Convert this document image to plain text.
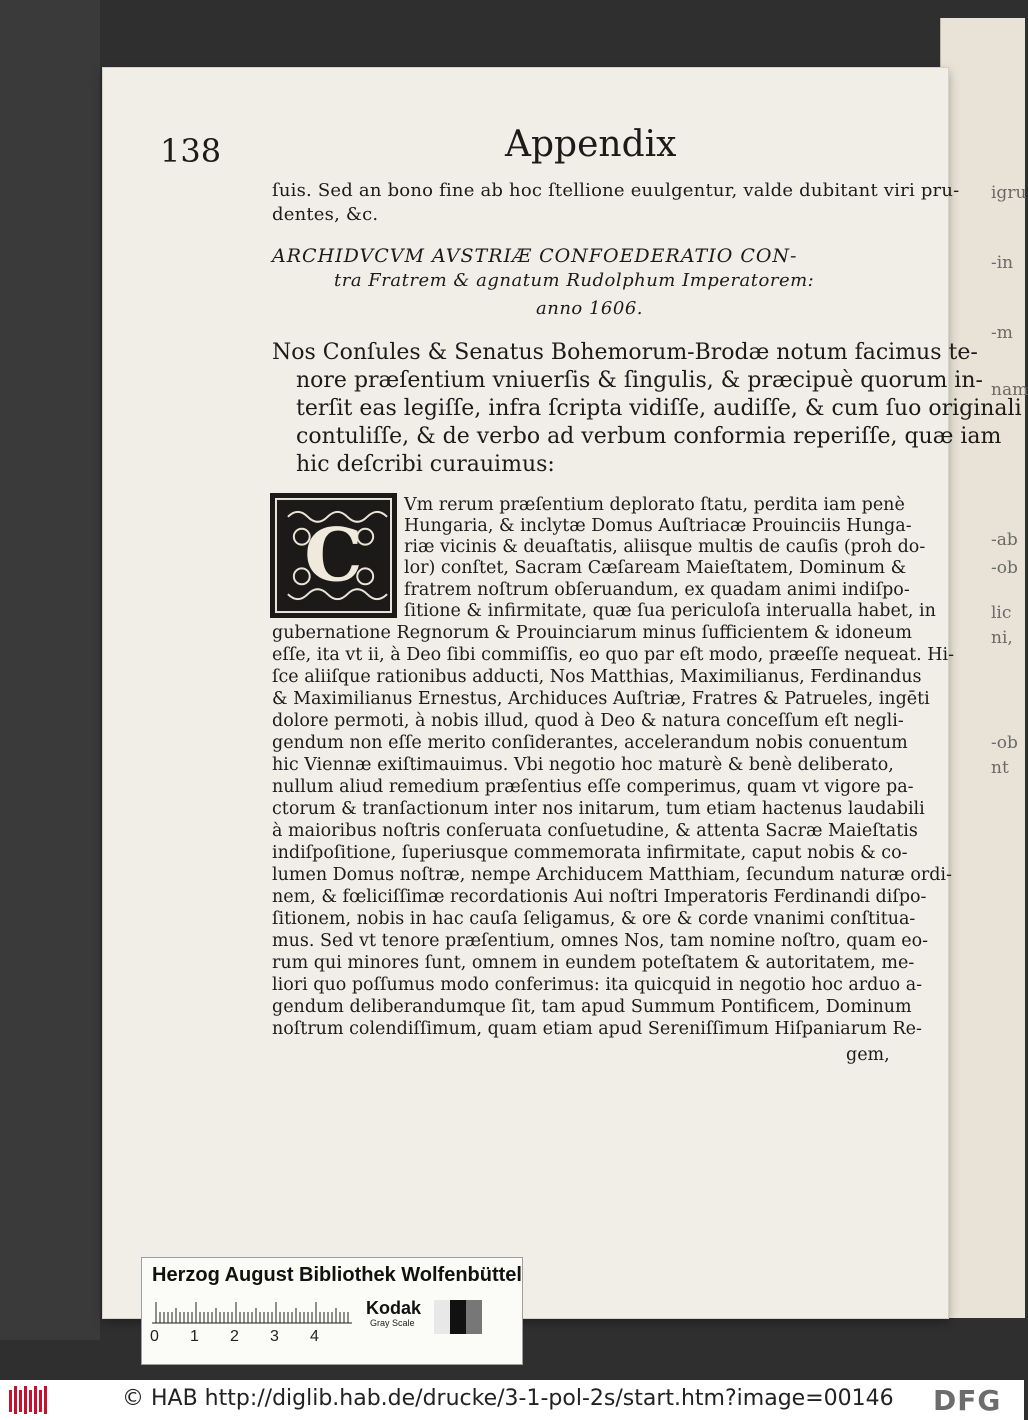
igru
-in
-m
-ab
nam
-ob
lic
ni,
-ob
nt
138	Appendix
ſuis. Sed an bono fine ab hoc ſtellione euulgentur, valde dubitant viri pru-
dentes, &c.
ARCHIDVCVM AVSTRIÆ CONFOEDERATIO CON-
tra Fratrem & agnatum Rudolphum Imperatorem:
anno 1606.
Nos Conſules & Senatus Bohemorum-Brodæ notum facimus te-
nore præſentium vniuerſis & ſingulis, & præcipuè quorum in-
terſit eas legiſſe, infra ſcripta vidiſſe, audiſſe, & cum ſuo originali
contuliſſe, & de verbo ad verbum conformia reperiſſe, quæ iam
hic deſcribi curauimus:
C
Vm rerum præſentium deplorato ſtatu, perdita iam penè
Hungaria, & inclytæ Domus Auſtriacæ Prouinciis Hunga-
riæ vicinis & deuaſtatis, aliisque multis de cauſis (proh do-
lor) conſtet, Sacram Cæſaream Maieſtatem, Dominum &
fratrem noſtrum obſeruandum, ex quadam animi indiſpo-
ſitione & infirmitate, quæ ſua periculoſa interualla habet, in
gubernatione Regnorum & Prouinciarum minus ſufficientem & idoneum
eſſe, ita vt ii, à Deo ſibi commiſſis, eo quo par eſt modo, præeſſe nequeat. Hi-
ſce aliiſque rationibus adducti, Nos Matthias, Maximilianus, Ferdinandus
& Maximilianus Ernestus, Archiduces Auſtriæ, Fratres & Patrueles, ingēti
dolore permoti, à nobis illud, quod à Deo & natura conceſſum eſt negli-
gendum non eſſe merito conſiderantes, accelerandum nobis conuentum
hic Viennæ exiſtimauimus. Vbi negotio hoc maturè & benè deliberato,
nullum aliud remedium præſentius eſſe comperimus, quam vt vigore pa-
ctorum & tranſactionum inter nos initarum, tum etiam hactenus laudabili
à maioribus noſtris conſeruata conſuetudine, & attenta Sacræ Maieſtatis
indiſpoſitione, ſuperiusque commemorata infirmitate, caput nobis & co-
lumen Domus noſtræ, nempe Archiducem Matthiam, ſecundum naturæ ordi-
nem, & fœliciſſimæ recordationis Aui noſtri Imperatoris Ferdinandi diſpo-
ſitionem, nobis in hac cauſa ſeligamus, & ore & corde vnanimi conſtitua-
mus. Sed vt tenore præſentium, omnes Nos, tam nomine noſtro, quam eo-
rum qui minores ſunt, omnem in eundem poteſtatem & autoritatem, me-
liori quo poſſumus modo conferimus: ita quicquid in negotio hoc arduo a-
gendum deliberandumque ſit, tam apud Summum Pontificem, Dominum
noſtrum colendiſſimum, quam etiam apud Sereniſſimum Hiſpaniarum Re-
gem,
Herzog August Bibliothek Wolfenbüttel
0 1 2 3 4
Kodak
Gray Scale
© HAB http://diglib.hab.de/drucke/3-1-pol-2s/start.htm?image=00146 DFG
